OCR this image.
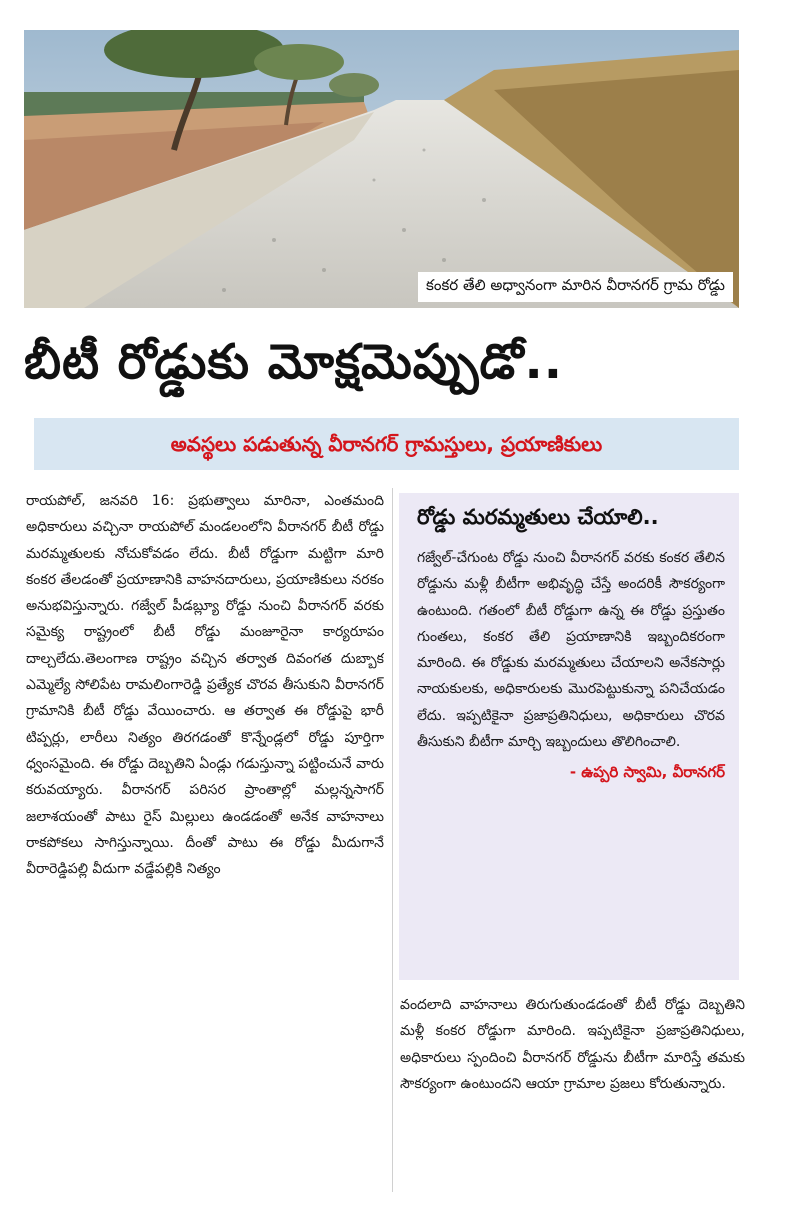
కంకర తేలి అధ్వానంగా మారిన వీరానగర్ గ్రామ రోడ్డు
బీటీ రోడ్డుకు మోక్షమెప్పుడో..
అవస్థలు పడుతున్న వీరానగర్ గ్రామస్తులు, ప్రయాణికులు

రాయపోల్, జనవరి 16: ప్రభుత్వాలు మారినా, ఎంతమంది అధికారులు వచ్చినా రాయపోల్ మండలంలోని వీరానగర్ బీటీ రోడ్డు మరమ్మతులకు నోచుకోవడం లేదు. బీటీ రోడ్డుగా మట్టిగా మారి కంకర తేలడంతో ప్రయాణానికి వాహనదారులు, ప్రయాణికులు నరకం అనుభవిస్తున్నారు. గజ్వేల్ పీడబ్ల్యూ రోడ్డు నుంచి వీరానగర్ వరకు సమైక్య రాష్ట్రంలో బీటీ రోడ్డు మంజూరైనా కార్యరూపం దాల్చలేదు.తెలంగాణ రాష్ట్రం వచ్చిన తర్వాత దివంగత దుబ్బాక ఎమ్మెల్యే సోలిపేట రామలింగారెడ్డి ప్రత్యేక చొరవ తీసుకుని వీరానగర్ గ్రామానికి బీటీ రోడ్డు వేయించారు. ఆ తర్వాత ఈ రోడ్డుపై భారీ టిప్పర్లు, లారీలు నిత్యం తిరగడంతో కొన్నేండ్లలో రోడ్డు పూర్తిగా ధ్వంసమైంది. ఈ రోడ్డు దెబ్బతిని ఏండ్లు గడుస్తున్నా పట్టించునే వారు కరువయ్యారు. వీరానగర్ పరిసర ప్రాంతాల్లో మల్లన్నసాగర్ జలాశయంతో పాటు రైస్ మిల్లులు ఉండడంతో అనేక వాహనాలు రాకపోకలు సాగిస్తున్నాయి. దీంతో పాటు ఈ రోడ్డు మీదుగానే వీరారెడ్డిపల్లి వీదుగా వడ్డేపల్లికి నిత్యం

రోడ్డు మరమ్మతులు చేయాలి..

గజ్వేల్-చేగుంట రోడ్డు నుంచి వీరానగర్ వరకు కంకర తేలిన రోడ్డును మళ్లీ బీటీగా అభివృద్ధి చేస్తే అందరికీ సౌకర్యంగా ఉంటుంది. గతంలో బీటీ రోడ్డుగా ఉన్న ఈ రోడ్డు ప్రస్తుతం గుంతలు, కంకర తేలి ప్రయాణానికి ఇబ్బందికరంగా మారింది. ఈ రోడ్డుకు మరమ్మతులు చేయాలని అనేకసార్లు నాయకులకు, అధికారులకు మొరపెట్టుకున్నా పనిచేయడం లేదు. ఇప్పటికైనా ప్రజాప్రతినిధులు, అధికారులు చొరవ తీసుకుని బీటీగా మార్చి ఇబ్బందులు తొలిగించాలి.

- ఉప్పరి స్వామి, వీరానగర్

వందలాది వాహనాలు తిరుగుతుండడంతో బీటీ రోడ్డు దెబ్బతిని మళ్లీ కంకర రోడ్డుగా మారింది. ఇప్పటికైనా ప్రజాప్రతినిధులు, అధికారులు స్పందించి వీరానగర్ రోడ్డును బీటీగా మారిస్తే తమకు సౌకర్యంగా ఉంటుందని ఆయా గ్రామాల ప్రజలు కోరుతున్నారు.
